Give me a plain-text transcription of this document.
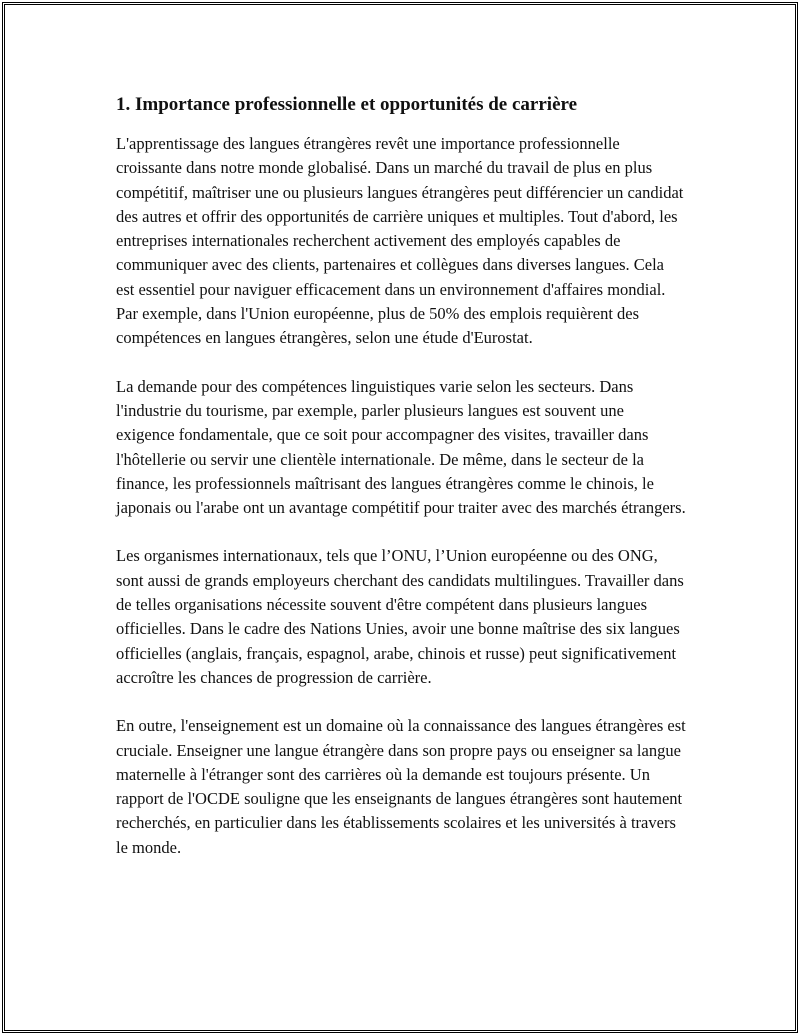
1. Importance professionnelle et opportunités de carrière

L'apprentissage des langues étrangères revêt une importance professionnelle croissante dans notre monde globalisé. Dans un marché du travail de plus en plus compétitif, maîtriser une ou plusieurs langues étrangères peut différencier un candidat des autres et offrir des opportunités de carrière uniques et multiples. Tout d'abord, les entreprises internationales recherchent activement des employés capables de communiquer avec des clients, partenaires et collègues dans diverses langues. Cela est essentiel pour naviguer efficacement dans un environnement d'affaires mondial. Par exemple, dans l'Union européenne, plus de 50% des emplois requièrent des compétences en langues étrangères, selon une étude d'Eurostat.

La demande pour des compétences linguistiques varie selon les secteurs. Dans l'industrie du tourisme, par exemple, parler plusieurs langues est souvent une exigence fondamentale, que ce soit pour accompagner des visites, travailler dans l'hôtellerie ou servir une clientèle internationale. De même, dans le secteur de la finance, les professionnels maîtrisant des langues étrangères comme le chinois, le japonais ou l'arabe ont un avantage compétitif pour traiter avec des marchés étrangers.

Les organismes internationaux, tels que l’ONU, l’Union européenne ou des ONG, sont aussi de grands employeurs cherchant des candidats multilingues. Travailler dans de telles organisations nécessite souvent d'être compétent dans plusieurs langues officielles. Dans le cadre des Nations Unies, avoir une bonne maîtrise des six langues officielles (anglais, français, espagnol, arabe, chinois et russe) peut significativement accroître les chances de progression de carrière.

En outre, l'enseignement est un domaine où la connaissance des langues étrangères est cruciale. Enseigner une langue étrangère dans son propre pays ou enseigner sa langue maternelle à l'étranger sont des carrières où la demande est toujours présente. Un rapport de l'OCDE souligne que les enseignants de langues étrangères sont hautement recherchés, en particulier dans les établissements scolaires et les universités à travers le monde.
